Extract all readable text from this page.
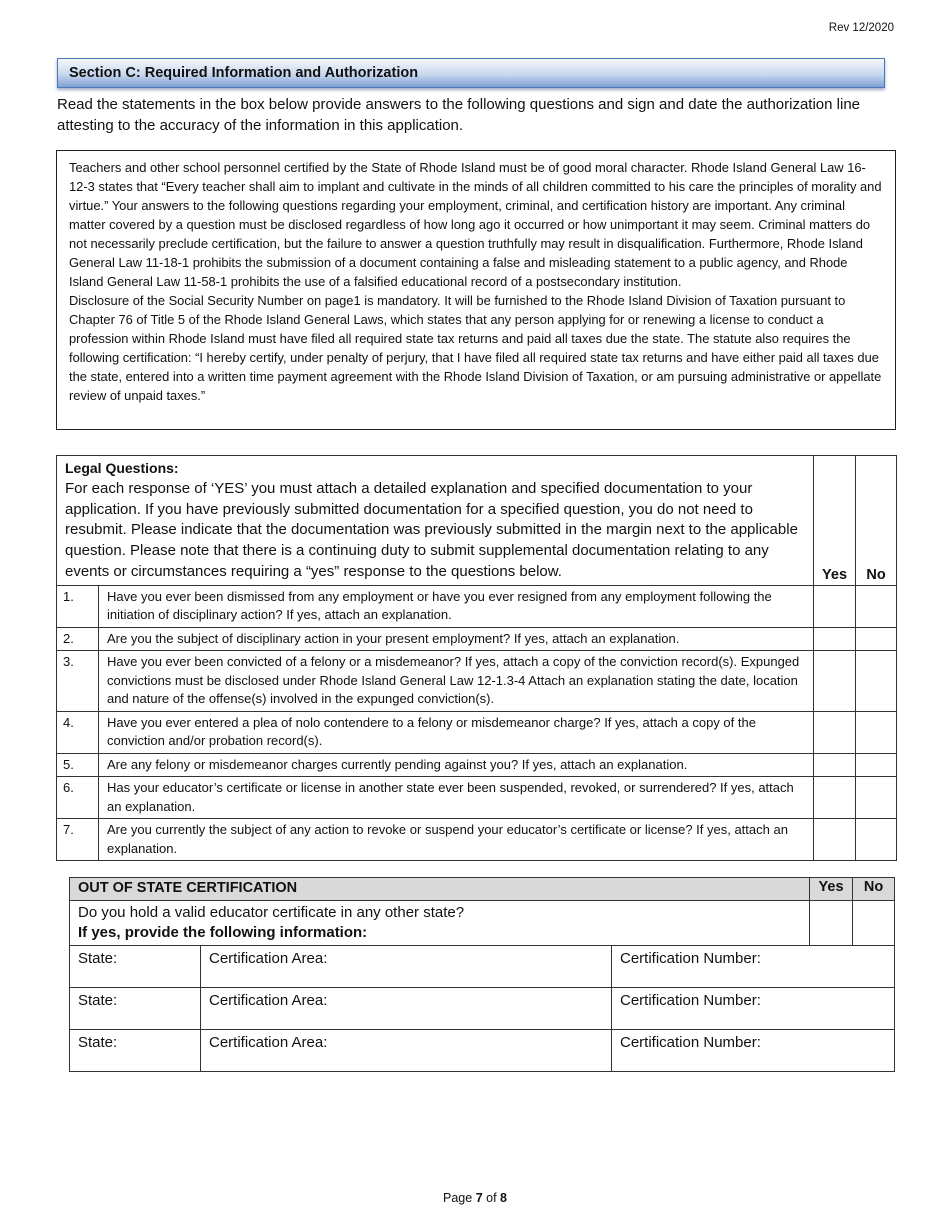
Rev 12/2020
Section C: Required Information and Authorization
Read the statements in the box below provide answers to the following questions and sign and date the authorization line attesting to the accuracy of the information in this application.

Teachers and other school personnel certified by the State of Rhode Island must be of good moral character. Rhode Island General Law 16-12-3 states that “Every teacher shall aim to implant and cultivate in the minds of all children committed to his care the principles of morality and virtue.” Your answers to the following questions regarding your employment, criminal, and certification history are important. Any criminal matter covered by a question must be disclosed regardless of how long ago it occurred or how unimportant it may seem. Criminal matters do not necessarily preclude certification, but the failure to answer a question truthfully may result in disqualification. Furthermore, Rhode Island General Law 11-18-1 prohibits the submission of a document containing a false and misleading statement to a public agency, and Rhode Island General Law 11-58-1 prohibits the use of a falsified educational record of a postsecondary institution.

Disclosure of the Social Security Number on page1 is mandatory. It will be furnished to the Rhode Island Division of Taxation pursuant to Chapter 76 of Title 5 of the Rhode Island General Laws, which states that any person applying for or renewing a license to conduct a profession within Rhode Island must have filed all required state tax returns and paid all taxes due the state. The statute also requires the following certification: “I hereby certify, under penalty of perjury, that I have filed all required state tax returns and have either paid all taxes due the state, entered into a written time payment agreement with the Rhode Island Division of Taxation, or am pursuing administrative or appellate review of unpaid taxes.”

Legal Questions:
For each response of ‘YES’ you must attach a detailed explanation and specified documentation to your application. If you have previously submitted documentation for a specified question, you do not need to resubmit. Please indicate that the documentation was previously submitted in the margin next to the applicable question. Please note that there is a continuing duty to submit supplemental documentation relating to any events or circumstances requiring a “yes” response to the questions below.		Yes	No
1.	Have you ever been dismissed from any employment or have you ever resigned from any employment following the initiation of disciplinary action? If yes, attach an explanation.		
2.	Are you the subject of disciplinary action in your present employment? If yes, attach an explanation.		
3.	Have you ever been convicted of a felony or a misdemeanor? If yes, attach a copy of the conviction record(s). Expunged convictions must be disclosed under Rhode Island General Law 12-1.3-4 Attach an explanation stating the date, location and nature of the offense(s) involved in the expunged conviction(s).		
4.	Have you ever entered a plea of nolo contendere to a felony or misdemeanor charge? If yes, attach a copy of the conviction and/or probation record(s).		
5.	Are any felony or misdemeanor charges currently pending against you? If yes, attach an explanation.		
6.	Has your educator’s certificate or license in another state ever been suspended, revoked, or surrendered? If yes, attach an explanation.		
7.	Are you currently the subject of any action to revoke or suspend your educator’s certificate or license? If yes, attach an explanation.		
OUT OF STATE CERTIFICATION			Yes	No

Do you hold a valid educator certificate in any other state?
If yes, provide the following information:				

State:	Certification Area:	Certification Number:		
State:	Certification Area:	Certification Number:		
State:	Certification Area:	Certification Number:		
Page 7 of 8
